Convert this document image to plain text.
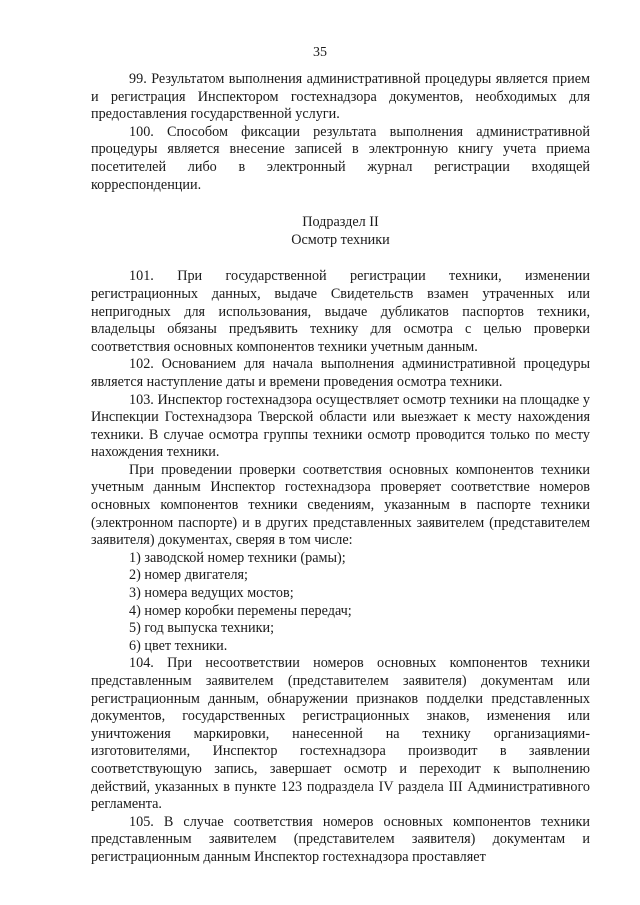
35

99. Результатом выполнения административной процедуры является прием и регистрация Инспектором гостехнадзора документов, необходимых для предоставления государственной услуги.

100. Способом фиксации результата выполнения административной процедуры является внесение записей в электронную книгу учета приема посетителей либо в электронный журнал регистрации входящей корреспонденции.

Подраздел II

Осмотр техники

101. При государственной регистрации техники, изменении регистрационных данных, выдаче Свидетельств взамен утраченных или непригодных для использования, выдаче дубликатов паспортов техники, владельцы обязаны предъявить технику для осмотра с целью проверки соответствия основных компонентов техники учетным данным.

102. Основанием для начала выполнения административной процедуры является наступление даты и времени проведения осмотра техники.

103. Инспектор гостехнадзора осуществляет осмотр техники на площадке у Инспекции Гостехнадзора Тверской области или выезжает к месту нахождения техники. В случае осмотра группы техники осмотр проводится только по месту нахождения техники.

При проведении проверки соответствия основных компонентов техники учетным данным Инспектор гостехнадзора проверяет соответствие номеров основных компонентов техники сведениям, указанным в паспорте техники (электронном паспорте) и в других представленных заявителем (представителем заявителя) документах, сверяя в том числе:

1) заводской номер техники (рамы);

2) номер двигателя;

3) номера ведущих мостов;

4) номер коробки перемены передач;

5) год выпуска техники;

6) цвет техники.

104. При несоответствии номеров основных компонентов техники представленным заявителем (представителем заявителя) документам или регистрационным данным, обнаружении признаков подделки представленных документов, государственных регистрационных знаков, изменения или уничтожения маркировки, нанесенной на технику организациями-изготовителями, Инспектор гостехнадзора производит в заявлении соответствующую запись, завершает осмотр и переходит к выполнению действий, указанных в пункте 123 подраздела IV раздела III Административного регламента.

105. В случае соответствия номеров основных компонентов техники представленным заявителем (представителем заявителя) документам и регистрационным данным Инспектор гостехнадзора проставляет
